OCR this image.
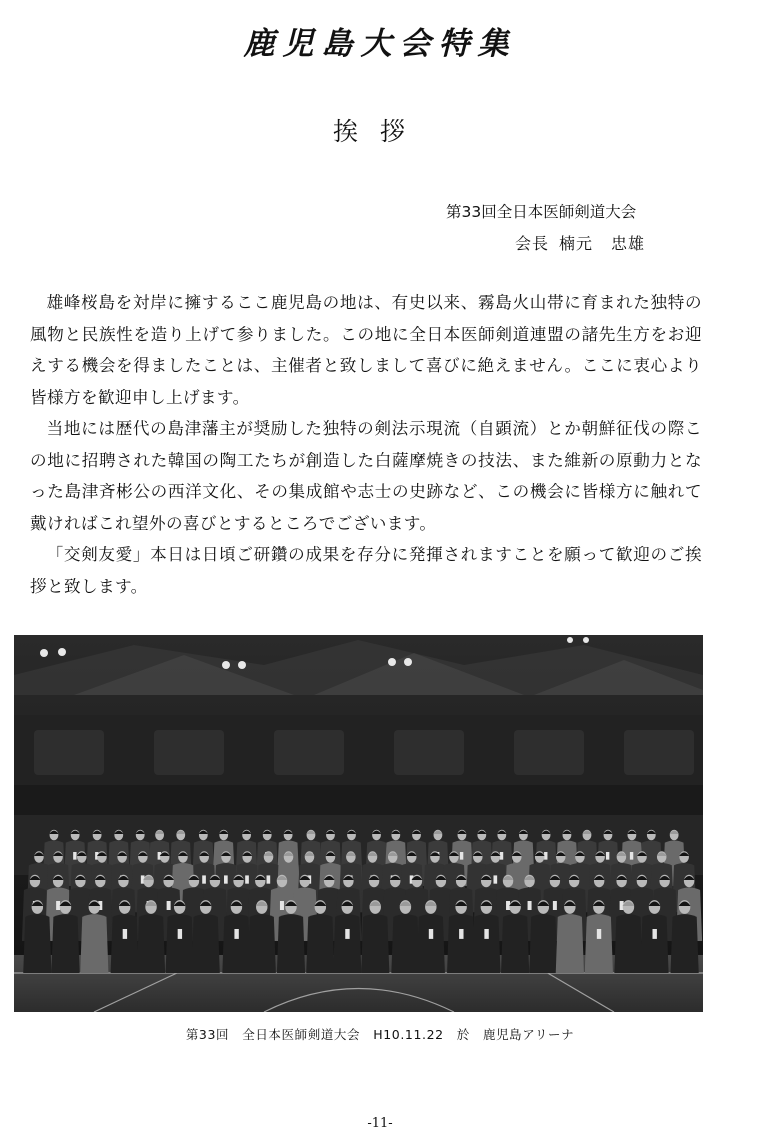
鹿児島大会特集
挨拶
第33回全日本医師剣道大会
会長 楠元 忠雄

雄峰桜島を対岸に擁するここ鹿児島の地は、有史以来、霧島火山帯に育まれた独特の風物と民族性を造り上げて参りました。この地に全日本医師剣道連盟の諸先生方をお迎えする機会を得ましたことは、主催者と致しまして喜びに絶えません。ここに衷心より皆様方を歓迎申し上げます。

当地には歴代の島津藩主が奨励した独特の剣法示現流（自顕流）とか朝鮮征伐の際この地に招聘された韓国の陶工たちが創造した白薩摩焼きの技法、また維新の原動力となった島津斉彬公の西洋文化、その集成館や志士の史跡など、この機会に皆様方に触れて戴ければこれ望外の喜びとするところでございます。

「交剣友愛」本日は日頃ご研鑽の成果を存分に発揮されますことを願って歓迎のご挨拶と致します。

第33回　全日本医師剣道大会　H10.11.22　於　鹿児島アリーナ
-11-
